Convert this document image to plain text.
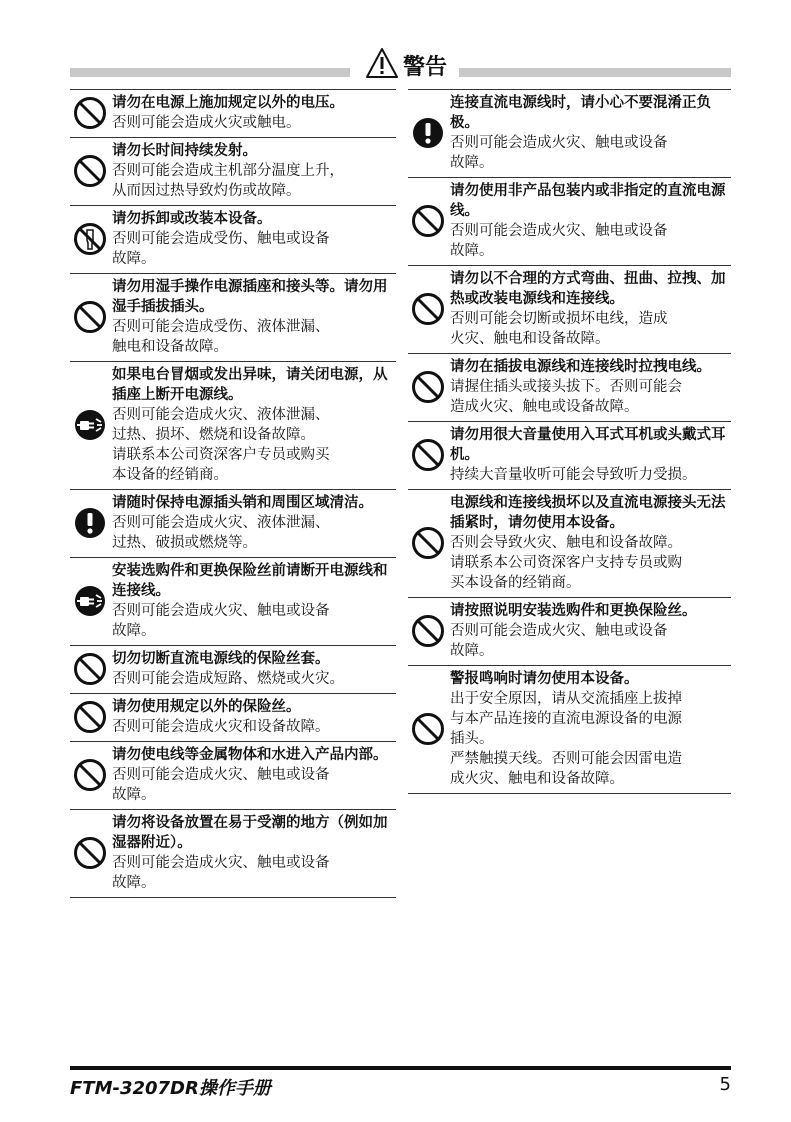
警告
请勿在电源上施加规定以外的电压。
否则可能会造成火灾或触电。
请勿长时间持续发射。
否则可能会造成主机部分温度上升，
从而因过热导致灼伤或故障。
请勿拆卸或改装本设备。
否则可能会造成受伤、触电或设备
故障。
请勿用湿手操作电源插座和接头等。请勿用湿手插拔插头。
否则可能会造成受伤、液体泄漏、
触电和设备故障。
如果电台冒烟或发出异味，请关闭电源，从插座上断开电源线。
否则可能会造成火灾、液体泄漏、
过热、损坏、燃烧和设备故障。
请联系本公司资深客户专员或购买
本设备的经销商。
请随时保持电源插头销和周围区域清洁。
否则可能会造成火灾、液体泄漏、
过热、破损或燃烧等。
安装选购件和更换保险丝前请断开电源线和连接线。
否则可能会造成火灾、触电或设备
故障。
切勿切断直流电源线的保险丝套。
否则可能会造成短路、燃烧或火灾。
请勿使用规定以外的保险丝。
否则可能会造成火灾和设备故障。
请勿使电线等金属物体和水进入产品内部。
否则可能会造成火灾、触电或设备
故障。
请勿将设备放置在易于受潮的地方（例如加湿器附近）。
否则可能会造成火灾、触电或设备
故障。
连接直流电源线时，请小心不要混淆正负极。
否则可能会造成火灾、触电或设备
故障。
请勿使用非产品包装内或非指定的直流电源线。
否则可能会造成火灾、触电或设备
故障。
请勿以不合理的方式弯曲、扭曲、拉拽、加热或改装电源线和连接线。
否则可能会切断或损坏电线，造成
火灾、触电和设备故障。
请勿在插拔电源线和连接线时拉拽电线。
请握住插头或接头拔下。否则可能会
造成火灾、触电或设备故障。
请勿用很大音量使用入耳式耳机或头戴式耳机。
持续大音量收听可能会导致听力受损。
电源线和连接线损坏以及直流电源接头无法插紧时，请勿使用本设备。
否则会导致火灾、触电和设备故障。
请联系本公司资深客户支持专员或购
买本设备的经销商。
请按照说明安装选购件和更换保险丝。
否则可能会造成火灾、触电或设备
故障。
警报鸣响时请勿使用本设备。
出于安全原因，请从交流插座上拔掉
与本产品连接的直流电源设备的电源
插头。
严禁触摸天线。否则可能会因雷电造
成火灾、触电和设备故障。
FTM-3207DR操作手册	5
